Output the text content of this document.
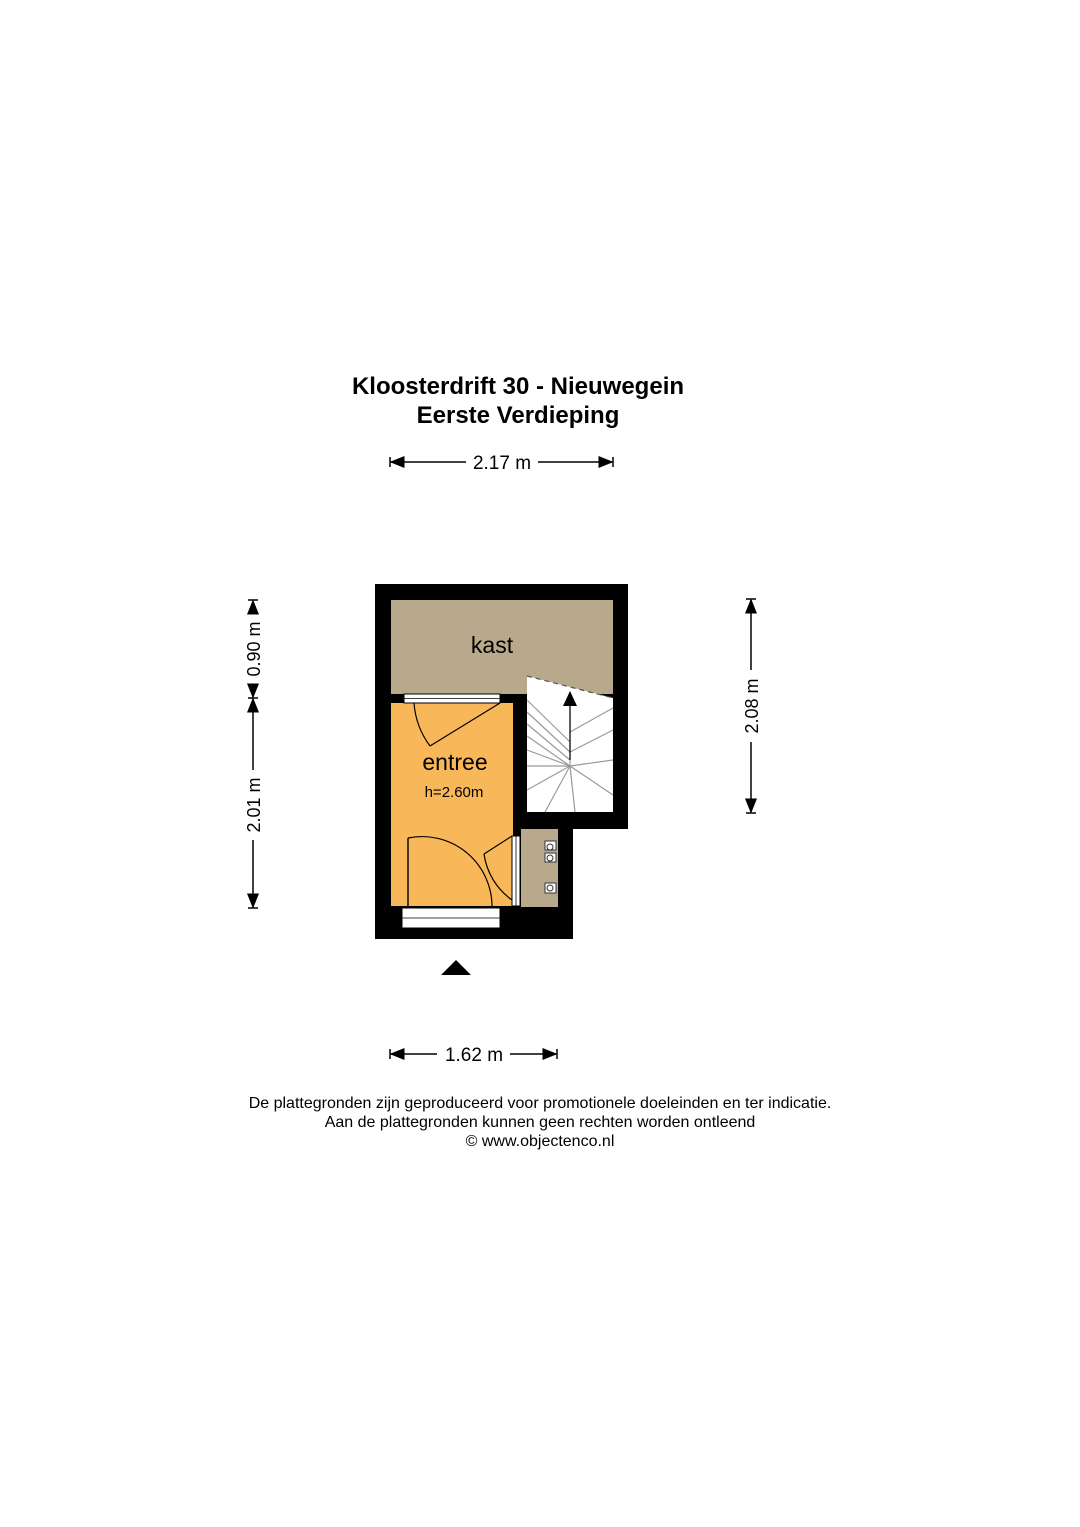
Kloosterdrift 30 - Nieuwegein
Eerste Verdieping
2.17 m
0.90 m
2.01 m
2.08 m
kast
entree
h=2.60m
1.62 m
De plattegronden zijn geproduceerd voor promotionele doeleinden en ter indicatie.
Aan de plattegronden kunnen geen rechten worden ontleend
© www.objectenco.nl
